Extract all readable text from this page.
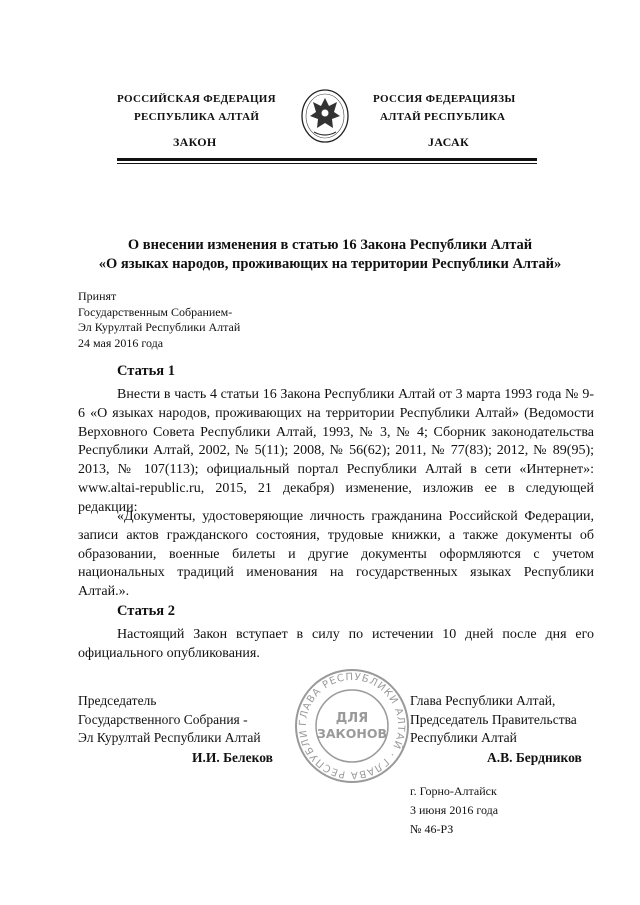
РОССИЙСКАЯ ФЕДЕРАЦИЯ
РЕСПУБЛИКА АЛТАЙ
ЗАКОН
РОССИЯ ФЕДЕРАЦИЯЗЫ
АЛТАЙ РЕСПУБЛИКА
JАСАК
О внесении изменения в статью 16 Закона Республики Алтай
«О языках народов, проживающих на территории Республики Алтай»
Принят
Государственным Собранием-
Эл Курултай Республики Алтай
24 мая 2016 года
Статья 1

Внести в часть 4 статьи 16 Закона Республики Алтай от 3 марта 1993 года № 9-6 «О языках народов, проживающих на территории Республики Алтай» (Ведомости Верховного Совета Республики Алтай, 1993, № 3, № 4; Сборник законодательства Республики Алтай, 2002, № 5(11); 2008, № 56(62); 2011, № 77(83); 2012, № 89(95); 2013, № 107(113); официальный портал Республики Алтай в сети «Интернет»: www.altai-republic.ru, 2015, 21 декабря) изменение, изложив ее в следующей редакции:

«Документы, удостоверяющие личность гражданина Российской Федерации, записи актов гражданского состояния, трудовые книжки, а также документы об образовании, военные билеты и другие документы оформляются с учетом национальных традиций именования на государственных языках Республики Алтай.».

Статья 2

Настоящий Закон вступает в силу по истечении 10 дней после дня его официального опубликования.

ГЛАВА РЕСПУБЛИКИ АЛТАЙ · ГЛАВА РЕСПУБЛИ
ДЛЯ
ЗАКОНОВ
Председатель
Государственного Собрания -
Эл Курултай Республики Алтай
И.И. Белеков
Глава Республики Алтай,
Председатель Правительства
Республики Алтай
А.В. Бердников
г. Горно-Алтайск
3 июня 2016 года
№ 46-РЗ
